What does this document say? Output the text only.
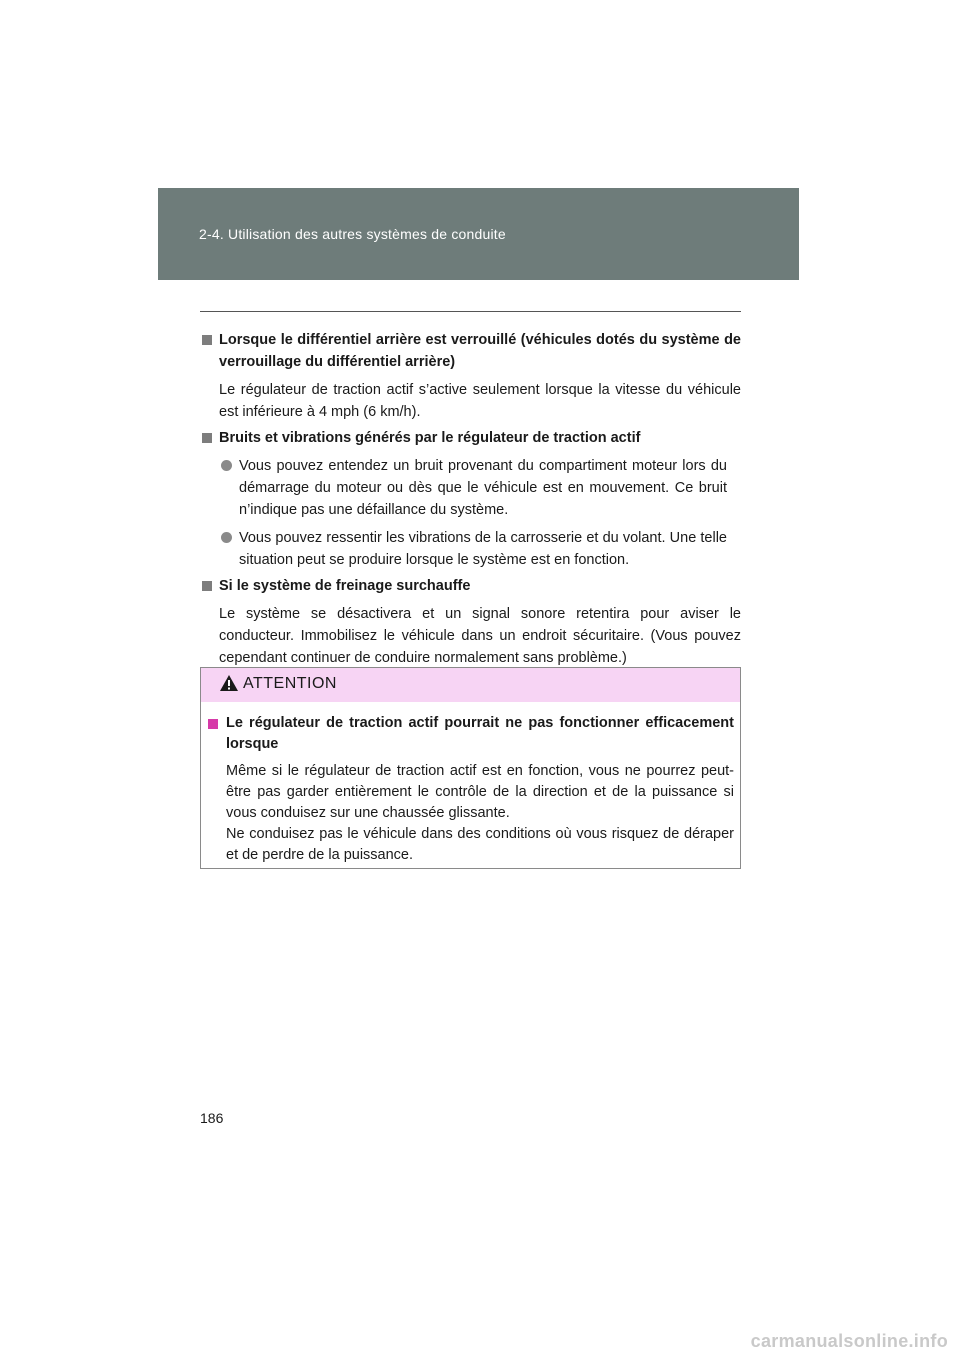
2-4. Utilisation des autres systèmes de conduite
Lorsque le différentiel arrière est verrouillé (véhicules dotés du système de verrouillage du différentiel arrière)
Le régulateur de traction actif s’active seulement lorsque la vitesse du véhicule est inférieure à 4 mph (6 km/h).
Bruits et vibrations générés par le régulateur de traction actif
Vous pouvez entendez un bruit provenant du compartiment moteur lors du démarrage du moteur ou dès que le véhicule est en mouvement. Ce bruit n’indique pas une défaillance du système.
Vous pouvez ressentir les vibrations de la carrosserie et du volant. Une telle situation peut se produire lorsque le système est en fonction.
Si le système de freinage surchauffe
Le système se désactivera et un signal sonore retentira pour aviser le conducteur. Immobilisez le véhicule dans un endroit sécuritaire. (Vous pouvez cependant continuer de conduire normalement sans problème.)
ATTENTION
Le régulateur de traction actif pourrait ne pas fonctionner efficacement lorsque
Même si le régulateur de traction actif est en fonction, vous ne pourrez peut-être pas garder entièrement le contrôle de la direction et de la puissance si vous conduisez sur une chaussée glissante.
Ne conduisez pas le véhicule dans des conditions où vous risquez de déraper et de perdre de la puissance.
186
carmanualsonline.info
